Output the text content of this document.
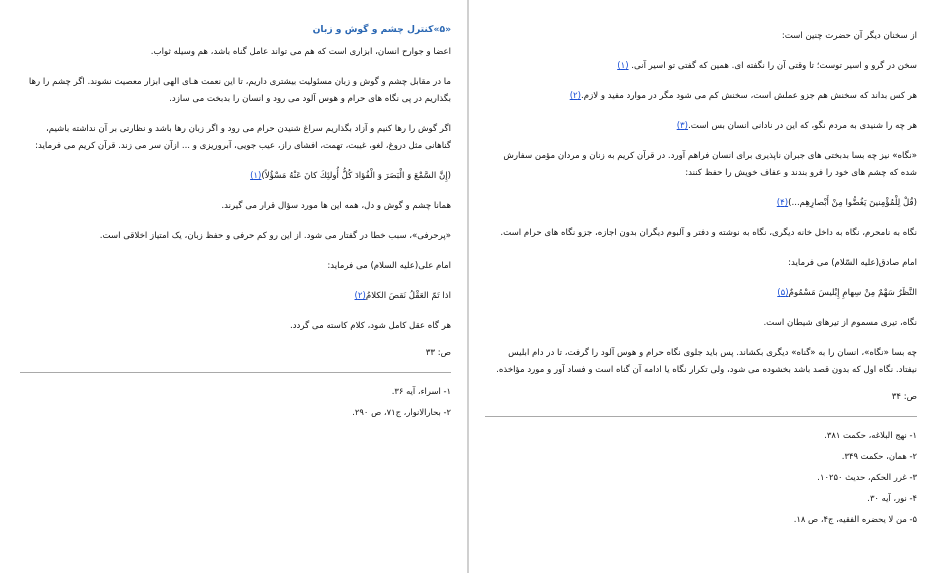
«۵»کنترل چشم و گوش و زبان

اعضا و جوارح انسان، ابزاری است که هم می تواند عامل گناه باشد، هم وسیله ثواب.

ما در مقابل چشم و گوش و زبان مسئولیت بیشتری داریم، تا این نعمت هـای الهی ابزار معصیت نشوند. اگر چشم را رها بگذاریم در پی نگاه های حرام و هوس آلود می رود و انسان را بدبخت می سازد.

اگر گوش را رها کنیم و آزاد بگذاریم سراغ شنیدن حرام می رود و اگر زبان رها باشد و نظارتی بر آن نداشته باشیم، گناهانی مثل دروغ، لغو، غیبت، تهمت، افشای راز، عیب جویی، آبروریزی و ... ازآن سر می زند. قرآن کریم می فرماید:

(إِنَّ السَّمْعَ وَ الْبَصَرَ وَ الْفُؤادَ كُلُّ أُولئِكَ كانَ عَنْهُ مَسْؤُلاً)(۱)

همانا چشم و گوش و دل، همه این ها مورد سؤال قرار می گیرند.

«پرحرفی»، سبب خطا در گفتار می شود. از این رو کم حرفی و حفظ زبان، یک امتیاز اخلاقی است.

امام علی(علیه السلام) می فرماید:

اذا تَمّ العَقْلُ نَقصَ الکلامُ(۲)

هر گاه عقل کامل شود، کلام کاسته می گردد.

ص: ۳۳

۱- اسراء، آیه ۳۶.

۲- بحارالانوار، ج۷۱، ص ۲۹۰.

از سخنان دیگر آن حضرت چنین است:

سخن در گرو و اسیر توست؛ تا وقتی آن را نگفته ای. همین که گفتی تو اسیر آنی. (۱)

هر کس بداند که سخنش هم جزو عملش است، سخنش کم می شود مگر در موارد مفید و لازم.(۲)

هر چه را شنیدی به مردم نگو، که این در نادانی انسان بس است.(۳)

«نگاه» نیز چه بسا بدبختی های جبران ناپذیری برای انسان فراهم آورد. در قرآن کریم به زنان و مردان مؤمن سفارش شده که چشم های خود را فرو بندند و عفاف خویش را حفظ کنند:

(قُلْ لِلْمُؤْمِنينَ يَغُضُّوا مِنْ أَبْصارِهِم...)(۴)

نگاه به نامحرم، نگاه به داخل خانه دیگری، نگاه به نوشته و دفتر و آلبوم دیگران بدون اجازه، جزو نگاه های حرام است.

امام صادق(علیه السّلام) می فرماید:

النَّظَرُ سَهْمٌ مِنْ سِهامِ إِبْليسَ مَسْمُومٌ(۵)

نگاه، تیری مسموم از تیرهای شیطان است.

چه بسا «نگاه»، انسان را به «گناه» دیگری بکشاند. پس باید جلوی نگاه حرام و هوس آلود را گرفت، تا در دام ابلیس نیفتاد. نگاه اول که بدون قصد باشد بخشوده می شود، ولی تکرار نگاه یا ادامه آن گناه است و فساد آور و مورد مؤاخذه.

ص: ۳۴

۱- نهج البلاغه، حکمت ۳۸۱.

۲- همان، حکمت ۳۴۹.

۳- غرر الحکم، حدیث ۱۰۲۵۰.

۴- نور، آیه ۳۰.

۵- من لا یحضره الفقیه، ج۴، ص ۱۸.
